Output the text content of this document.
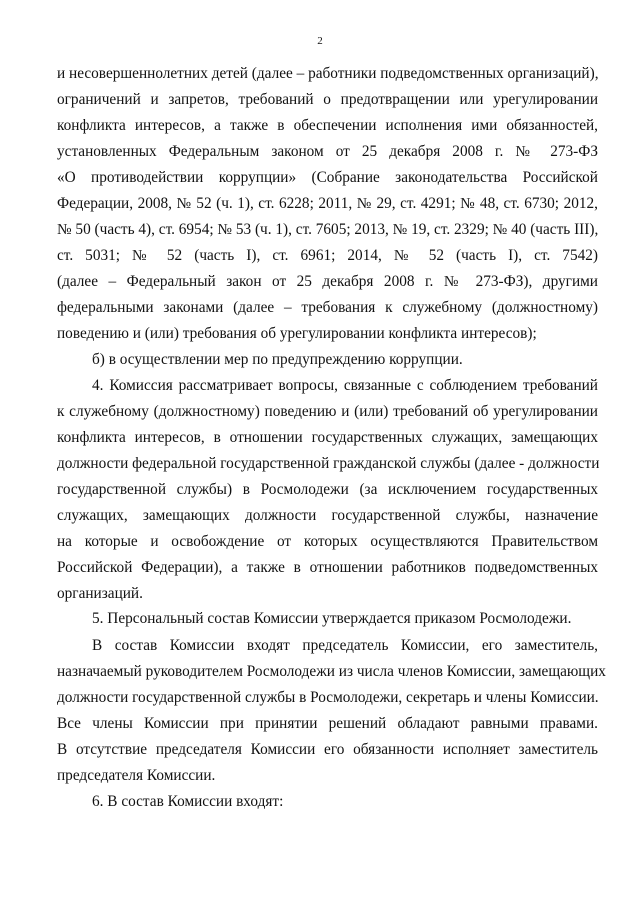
2
и несовершеннолетних детей (далее – работники подведомственных организаций),
ограничений и запретов, требований о предотвращении или урегулировании
конфликта интересов, а также в обеспечении исполнения ими обязанностей,
установленных Федеральным законом от 25 декабря 2008 г. № 273-ФЗ
«О противодействии коррупции» (Собрание законодательства Российской
Федерации, 2008, № 52 (ч. 1), ст. 6228; 2011, № 29, ст. 4291; № 48, ст. 6730; 2012,
№ 50 (часть 4), ст. 6954; № 53 (ч. 1), ст. 7605; 2013, № 19, ст. 2329; № 40 (часть III),
ст. 5031; № 52 (часть I), ст. 6961; 2014, № 52 (часть I), ст. 7542)
(далее – Федеральный закон от 25 декабря 2008 г. № 273-ФЗ), другими
федеральными законами (далее – требования к служебному (должностному)
поведению и (или) требования об урегулировании конфликта интересов);
б) в осуществлении мер по предупреждению коррупции.
4. Комиссия рассматривает вопросы, связанные с соблюдением требований
к служебному (должностному) поведению и (или) требований об урегулировании
конфликта интересов, в отношении государственных служащих, замещающих
должности федеральной государственной гражданской службы (далее - должности
государственной службы) в Росмолодежи (за исключением государственных
служащих, замещающих должности государственной службы, назначение
на которые и освобождение от которых осуществляются Правительством
Российской Федерации), а также в отношении работников подведомственных
организаций.
5. Персональный состав Комиссии утверждается приказом Росмолодежи.
В состав Комиссии входят председатель Комиссии, его заместитель,
назначаемый руководителем Росмолодежи из числа членов Комиссии, замещающих
должности государственной службы в Росмолодежи, секретарь и члены Комиссии.
Все члены Комиссии при принятии решений обладают равными правами.
В отсутствие председателя Комиссии его обязанности исполняет заместитель
председателя Комиссии.
6. В состав Комиссии входят:
